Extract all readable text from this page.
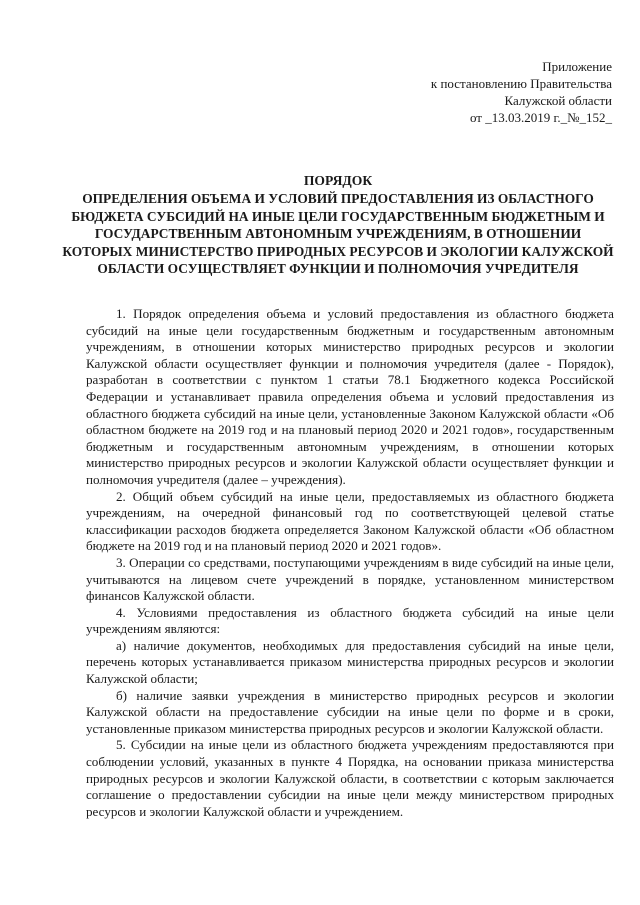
Приложение
к постановлению Правительства
Калужской области
от _13.03.2019 г._№_152_
ПОРЯДОК
ОПРЕДЕЛЕНИЯ ОБЪЕМА И УСЛОВИЙ ПРЕДОСТАВЛЕНИЯ ИЗ ОБЛАСТНОГО БЮДЖЕТА СУБСИДИЙ НА ИНЫЕ ЦЕЛИ ГОСУДАРСТВЕННЫМ БЮДЖЕТНЫМ И ГОСУДАРСТВЕННЫМ АВТОНОМНЫМ УЧРЕЖДЕНИЯМ, В ОТНОШЕНИИ КОТОРЫХ МИНИСТЕРСТВО ПРИРОДНЫХ РЕСУРСОВ И ЭКОЛОГИИ КАЛУЖСКОЙ ОБЛАСТИ ОСУЩЕСТВЛЯЕТ ФУНКЦИИ И ПОЛНОМОЧИЯ УЧРЕДИТЕЛЯ

1. Порядок определения объема и условий предоставления из областного бюджета субсидий на иные цели государственным бюджетным и государственным автономным учреждениям, в отношении которых министерство природных ресурсов и экологии Калужской области осуществляет функции и полномочия учредителя (далее - Порядок), разработан в соответствии с пунктом 1 статьи 78.1 Бюджетного кодекса Российской Федерации и устанавливает правила определения объема и условий предоставления из областного бюджета субсидий на иные цели, установленные Законом Калужской области «Об областном бюджете на 2019 год и на плановый период 2020 и 2021 годов», государственным бюджетным и государственным автономным учреждениям, в отношении которых министерство природных ресурсов и экологии Калужской области осуществляет функции и полномочия учредителя (далее – учреждения).

2. Общий объем субсидий на иные цели, предоставляемых из областного бюджета учреждениям, на очередной финансовый год по соответствующей целевой статье классификации расходов бюджета определяется Законом Калужской области «Об областном бюджете на 2019 год и на плановый период 2020 и 2021 годов».

3. Операции со средствами, поступающими учреждениям в виде субсидий на иные цели, учитываются на лицевом счете учреждений в порядке, установленном министерством финансов Калужской области.

4. Условиями предоставления из областного бюджета субсидий на иные цели учреждениям являются:

а) наличие документов, необходимых для предоставления субсидий на иные цели, перечень которых устанавливается приказом министерства природных ресурсов и экологии Калужской области;

б) наличие заявки учреждения в министерство природных ресурсов и экологии Калужской области на предоставление субсидии на иные цели по форме и в сроки, установленные приказом министерства природных ресурсов и экологии Калужской области.

5. Субсидии на иные цели из областного бюджета учреждениям предоставляются при соблюдении условий, указанных в пункте 4 Порядка, на основании приказа министерства природных ресурсов и экологии Калужской области, в соответствии с которым заключается соглашение о предоставлении субсидии на иные цели между министерством природных ресурсов и экологии Калужской области и учреждением.
